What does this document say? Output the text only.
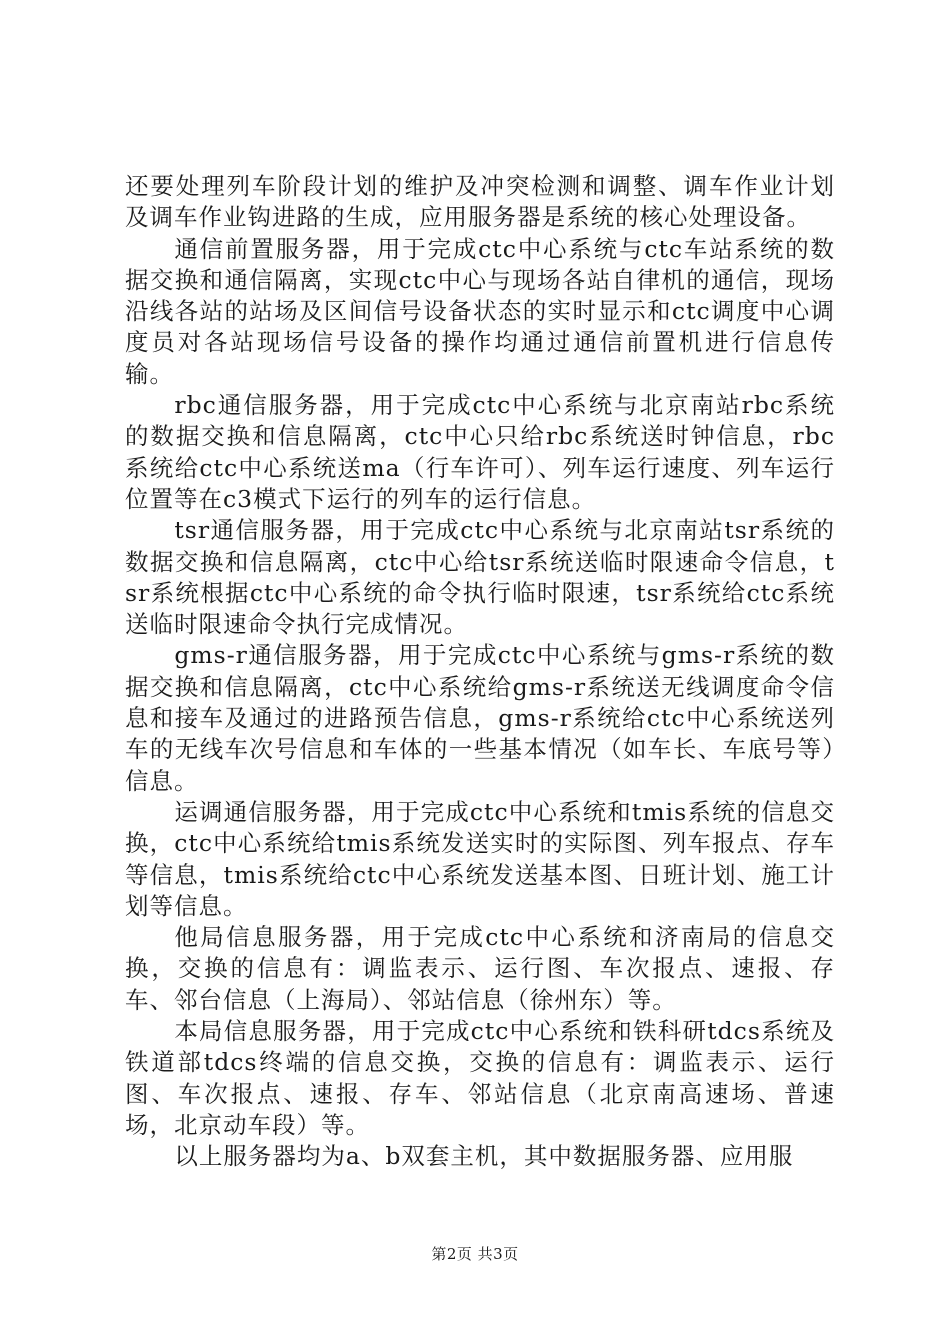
还要处理列车阶段计划的维护及冲突检测和调整、调车作业计划及调车作业钩进路的生成，应用服务器是系统的核心处理设备。

通信前置服务器，用于完成ctc中心系统与ctc车站系统的数据交换和通信隔离，实现ctc中心与现场各站自律机的通信，现场沿线各站的站场及区间信号设备状态的实时显示和ctc调度中心调度员对各站现场信号设备的操作均通过通信前置机进行信息传输。

rbc通信服务器，用于完成ctc中心系统与北京南站rbc系统的数据交换和信息隔离，ctc中心只给rbc系统送时钟信息，rbc系统给ctc中心系统送ma（行车许可）、列车运行速度、列车运行位置等在c3模式下运行的列车的运行信息。

tsr通信服务器，用于完成ctc中心系统与北京南站tsr系统的数据交换和信息隔离，ctc中心给tsr系统送临时限速命令信息，tsr系统根据ctc中心系统的命令执行临时限速，tsr系统给ctc系统送临时限速命令执行完成情况。

gms-r通信服务器，用于完成ctc中心系统与gms-r系统的数据交换和信息隔离，ctc中心系统给gms-r系统送无线调度命令信息和接车及通过的进路预告信息，gms-r系统给ctc中心系统送列车的无线车次号信息和车体的一些基本情况（如车长、车底号等）信息。

运调通信服务器，用于完成ctc中心系统和tmis系统的信息交换，ctc中心系统给tmis系统发送实时的实际图、列车报点、存车等信息，tmis系统给ctc中心系统发送基本图、日班计划、施工计划等信息。

他局信息服务器，用于完成ctc中心系统和济南局的信息交换，交换的信息有：调监表示、运行图、车次报点、速报、存车、邻台信息（上海局）、邻站信息（徐州东）等。

本局信息服务器，用于完成ctc中心系统和铁科研tdcs系统及铁道部tdcs终端的信息交换，交换的信息有：调监表示、运行图、车次报点、速报、存车、邻站信息（北京南高速场、普速场，北京动车段）等。

以上服务器均为a、b双套主机，其中数据服务器、应用服

第2页 共3页
